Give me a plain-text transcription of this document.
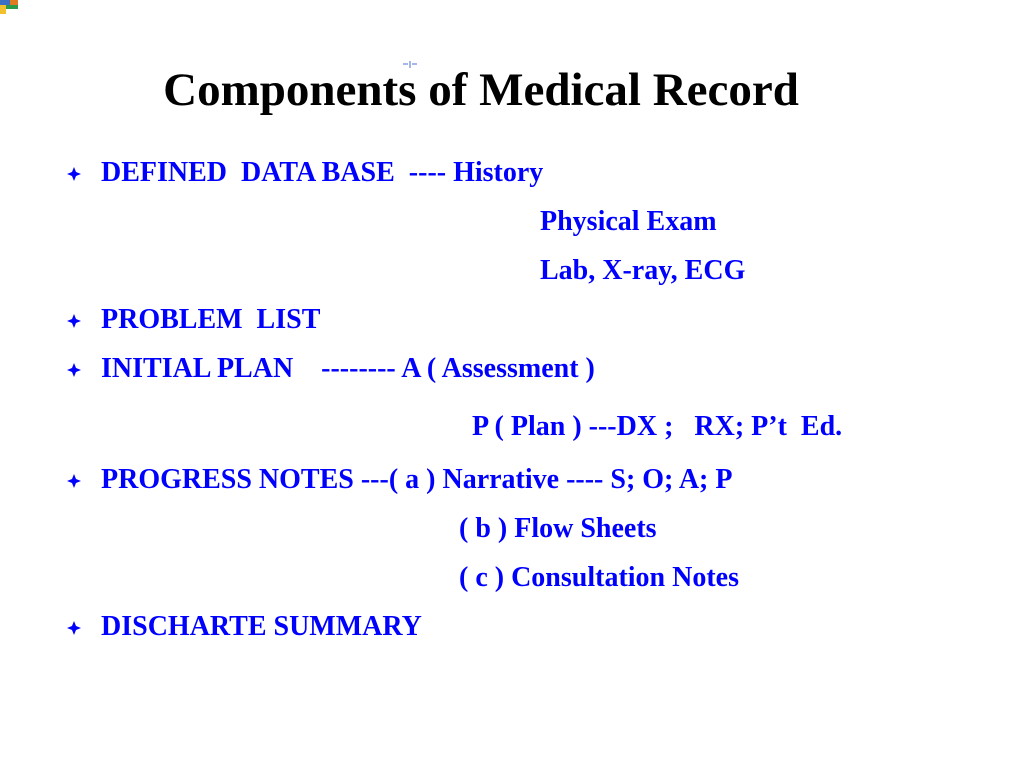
Components of Medical Record
DEFINED  DATA BASE  ---- History
Physical Exam
Lab, X-ray, ECG
PROBLEM  LIST
INITIAL PLAN    -------- A ( Assessment )
P ( Plan ) ---DX ;   RX; P’t  Ed.
PROGRESS NOTES ---( a ) Narrative ---- S; O; A; P
( b ) Flow Sheets
( c ) Consultation Notes
DISCHARTE SUMMARY
